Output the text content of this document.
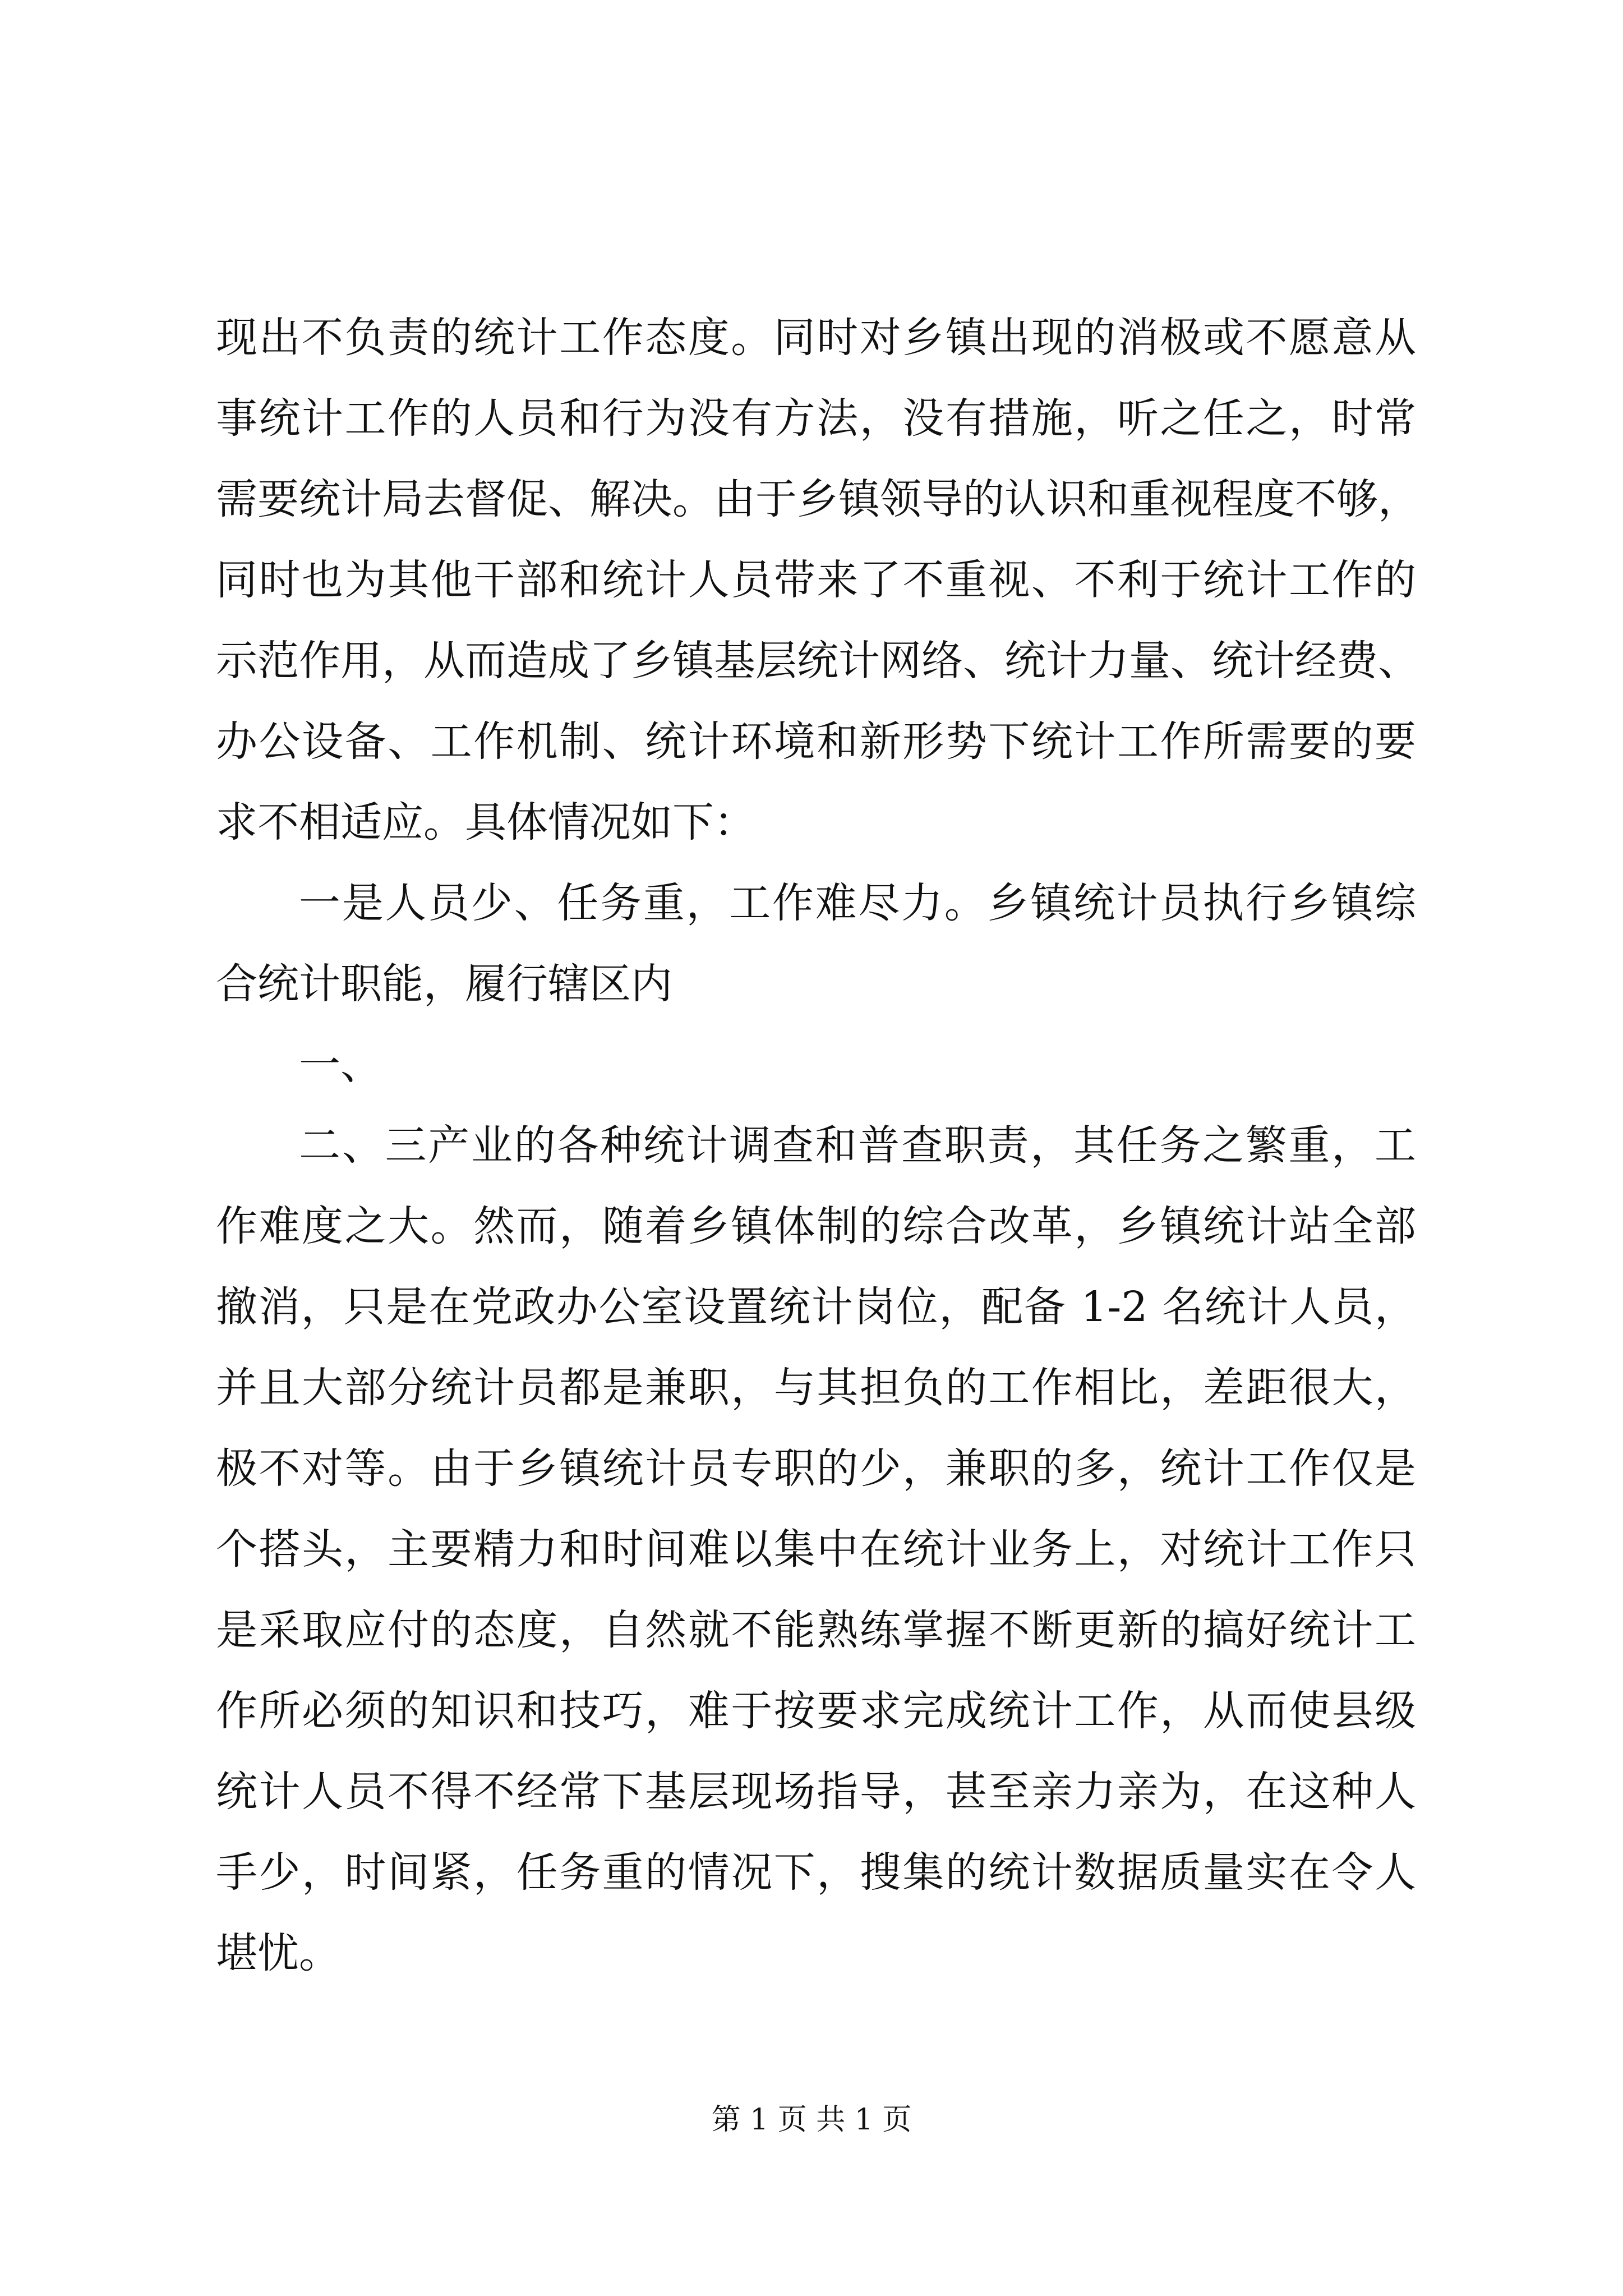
现出不负责的统计工作态度。同时对乡镇出现的消极或不愿意从
事统计工作的人员和行为没有方法，没有措施，听之任之，时常
需要统计局去督促、解决。由于乡镇领导的认识和重视程度不够，
同时也为其他干部和统计人员带来了不重视、不利于统计工作的
示范作用，从而造成了乡镇基层统计网络、统计力量、统计经费、
办公设备、工作机制、统计环境和新形势下统计工作所需要的要
求不相适应。具体情况如下：
一是人员少、任务重，工作难尽力。乡镇统计员执行乡镇综
合统计职能，履行辖区内
一、
二、三产业的各种统计调查和普查职责，其任务之繁重，工
作难度之大。然而，随着乡镇体制的综合改革，乡镇统计站全部
撤消，只是在党政办公室设置统计岗位，配备 1-2 名统计人员，
并且大部分统计员都是兼职，与其担负的工作相比，差距很大，
极不对等。由于乡镇统计员专职的少，兼职的多，统计工作仅是
个搭头，主要精力和时间难以集中在统计业务上，对统计工作只
是采取应付的态度，自然就不能熟练掌握不断更新的搞好统计工
作所必须的知识和技巧，难于按要求完成统计工作，从而使县级
统计人员不得不经常下基层现场指导，甚至亲力亲为，在这种人
手少，时间紧，任务重的情况下，搜集的统计数据质量实在令人
堪忧。
第 1 页 共 1 页
